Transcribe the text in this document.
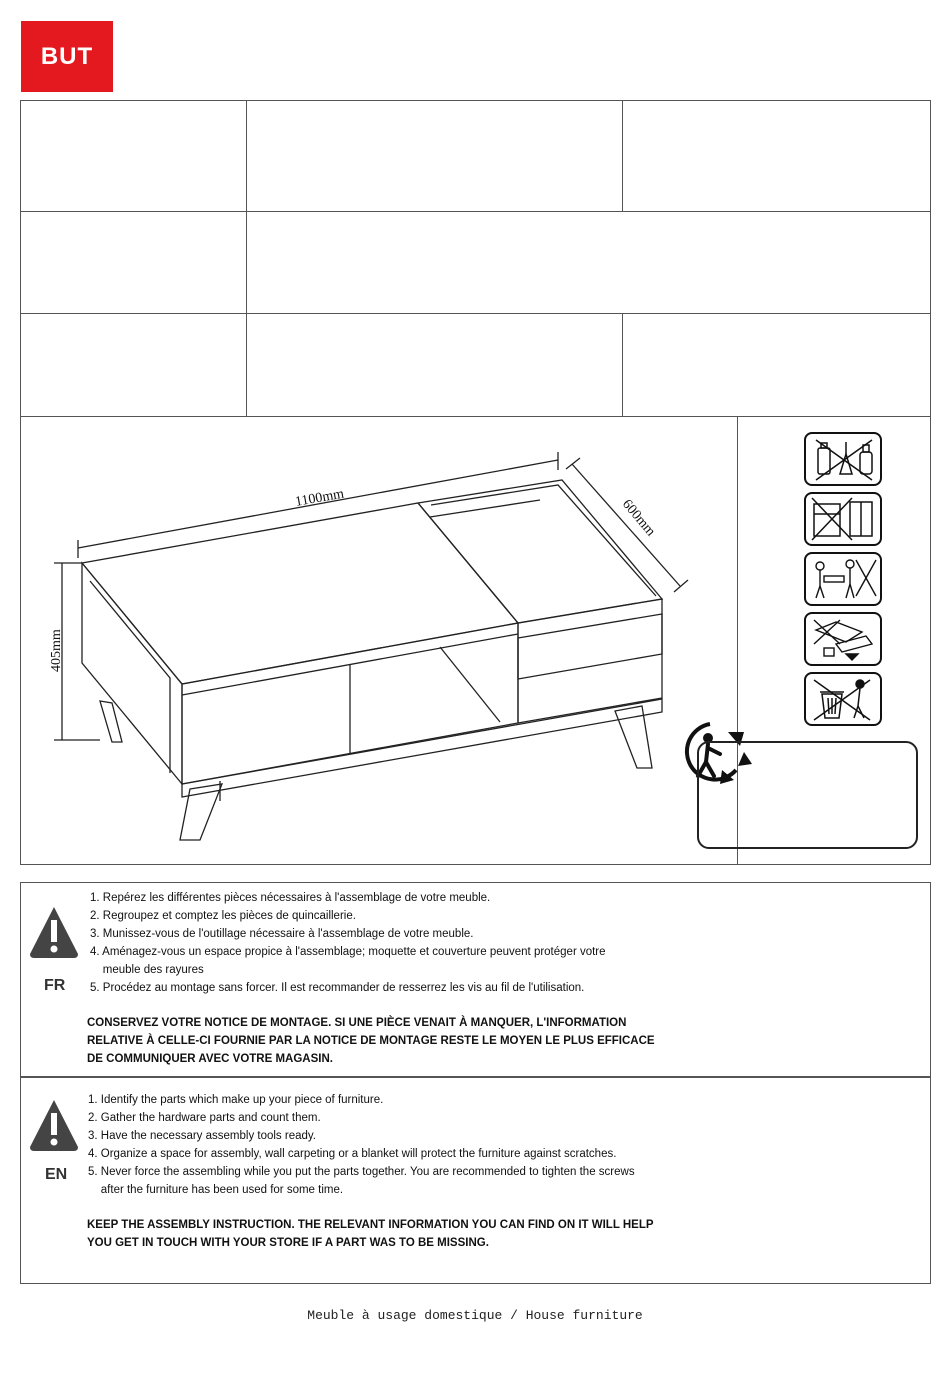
BUT
1100mm	600mm
405mm
FR
1. Repérez les différentes pièces nécessaires à l'assemblage de votre meuble.
2. Regroupez et comptez les pièces de quincaillerie.
3. Munissez-vous de l'outillage nécessaire à l'assemblage de votre meuble.
4. Aménagez-vous un espace propice à l'assemblage; moquette et couverture peuvent protéger votre
meuble des rayures
5. Procédez au montage sans forcer. Il est recommander de resserrez les vis au fil de l'utilisation.
CONSERVEZ VOTRE NOTICE DE MONTAGE. SI UNE PIÈCE VENAIT À MANQUER, L'INFORMATION
RELATIVE À CELLE-CI FOURNIE PAR LA NOTICE DE MONTAGE RESTE LE MOYEN LE PLUS EFFICACE
DE COMMUNIQUER AVEC VOTRE MAGASIN.
EN
1. Identify the parts which make up your piece of furniture.
2. Gather the hardware parts and count them.
3. Have the necessary assembly tools ready.
4. Organize a space for assembly, wall carpeting or a blanket will protect the furniture against scratches.
5. Never force the assembling while you put the parts together. You are recommended to tighten the screws
after the furniture has been used for some time.
KEEP THE ASSEMBLY INSTRUCTION. THE RELEVANT INFORMATION YOU CAN FIND ON IT WILL HELP
YOU GET IN TOUCH WITH YOUR STORE IF A PART WAS TO BE MISSING.
Meuble à usage domestique / House furniture
